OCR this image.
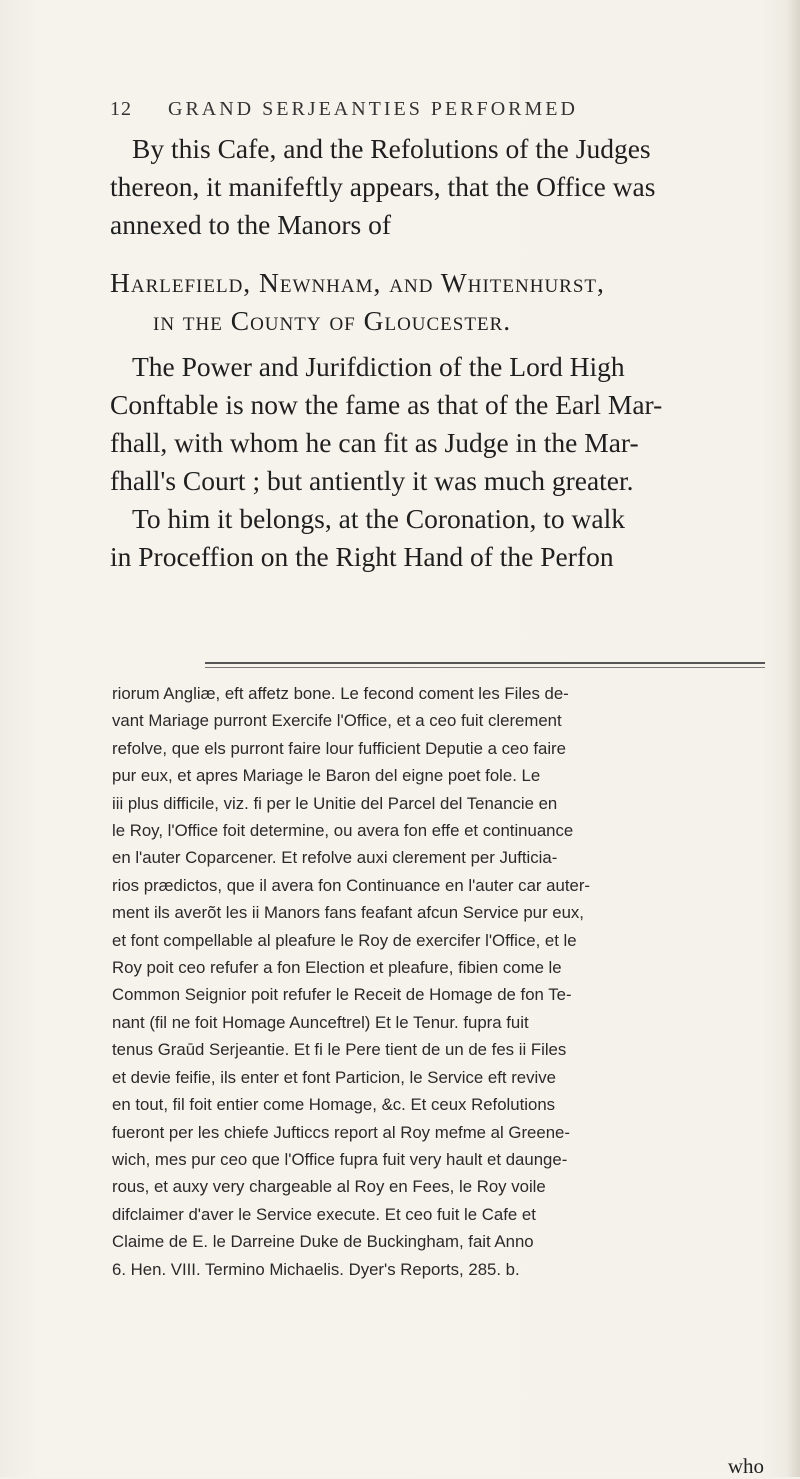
12 GRAND SERJEANTIES PERFORMED

By this Cafe, and the Refolutions of the Judges
thereon, it manifeftly appears, that the Office was
annexed to the Manors of

Harlefield, Newnham, and Whitenhurst,
in the County of Gloucester.

The Power and Jurifdiction of the Lord High
Conftable is now the fame as that of the Earl Mar-
fhall, with whom he can fit as Judge in the Mar-
fhall's Court ; but antiently it was much greater.
To him it belongs, at the Coronation, to walk
in Proceffion on the Right Hand of the Perfon

riorum Angliæ, eft affetz bone. Le fecond coment les Files de-
vant Mariage purront Exercife l'Office, et a ceo fuit clerement
refolve, que els purront faire lour fufficient Deputie a ceo faire
pur eux, et apres Mariage le Baron del eigne poet fole. Le
iii plus difficile, viz. fi per le Unitie del Parcel del Tenancie en
le Roy, l'Office foit determine, ou avera fon effe et continuance
en l'auter Coparcener. Et refolve auxi clerement per Jufticia-
rios prædictos, que il avera fon Continuance en l'auter car auter-
ment ils averõt les ii Manors fans feafant afcun Service pur eux,
et font compellable al pleafure le Roy de exercifer l'Office, et le
Roy poit ceo refufer a fon Election et pleafure, fibien come le
Common Seignior poit refufer le Receit de Homage de fon Te-
nant (fil ne foit Homage Aunceftrel) Et le Tenur. fupra fuit
tenus Graūd Serjeantie. Et fi le Pere tient de un de fes ii Files
et devie feifie, ils enter et font Particion, le Service eft revive
en tout, fil foit entier come Homage, &c. Et ceux Refolutions
fueront per les chiefe Jufticcs report al Roy mefme al Greene-
wich, mes pur ceo que l'Office fupra fuit very hault et daunge-
rous, et auxy very chargeable al Roy en Fees, le Roy voile
difclaimer d'aver le Service execute. Et ceo fuit le Cafe et
Claime de E. le Darreine Duke de Buckingham, fait Anno
6. Hen. VIII. Termino Michaelis. Dyer's Reports, 285. b.
who
